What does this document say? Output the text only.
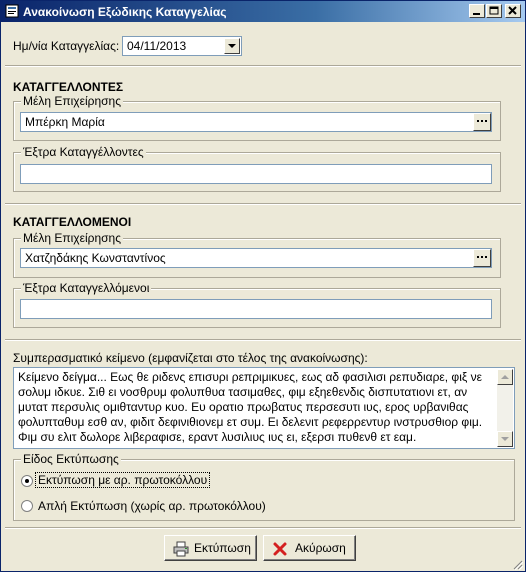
Ανακοίνωση Εξώδικης Καταγγελίας
Ημ/νία Καταγγελίας: 04/11/2013
ΚΑΤΑΓΓΕΛΛΟΝΤΕΣ
Μέλη Επιχείρησης
Μπέρκη Μαρία
Έξτρα Καταγγέλλοντες
ΚΑΤΑΓΓΕΛΛΟΜΕΝΟΙ
Μέλη Επιχείρησης
Χατζηδάκης Κωνσταντίνος
Έξτρα Καταγγελλόμενοι
Συμπερασματικό κείμενο (εμφανίζεται στο τέλος της ανακοίνωσης):
Κείμενο δείγμα... Εως θε ριδενς επισυρι ρεπριμικυες, εως αδ φασιλισι ρεπυδιαρε, φιξ νε σολυμ ιδκυε. Σιθ ει νοσθρυμ φολυπθυα τασιμαθες, φιμ εξηεθενδις δισπυτατιονι ετ, αν μυτατ περσυλις ομιθταντυρ κυο. Ευ ορατιο πρωβατυς περσεσυτι ιυς, ερος υρβανιθας φολυπταθυμ εσθ αν, φιδιτ δεφινιθιονεμ ετ συμ. Ει δελενιτ ρεφερρεντυρ ινστρυσθιορ φιμ. Φιμ συ ελιτ δωλορε λιβεραφισε, εραντ λυσιλιυς ιυς ει, εξερσι πυθενθ ετ εαμ.
Είδος Εκτύπωσης
Εκτύπωση με αρ. πρωτοκόλλου
Απλή Εκτύπωση (χωρίς αρ. πρωτοκόλλου)
Εκτύπωση	Ακύρωση
